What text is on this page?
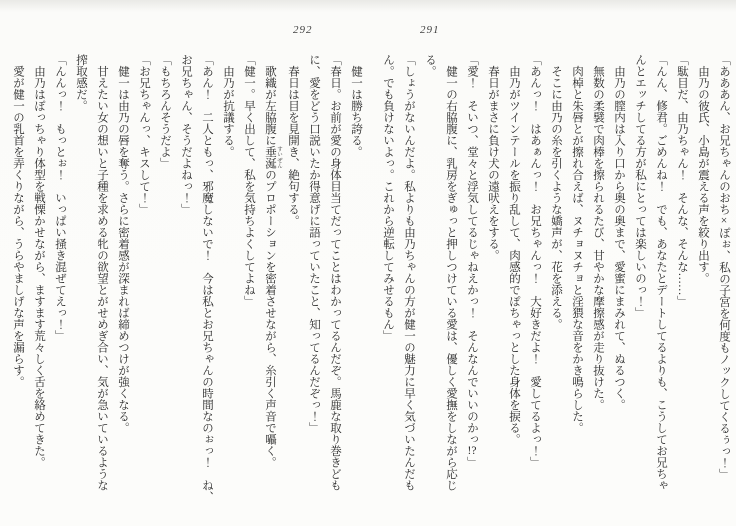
292	291

「あああん、お兄ちゃんのおち×ぽぉ、私の子宮を何度もノックしてくるぅっ！」

　由乃の彼氏、小島が震える声を絞り出す。

「駄目だ、由乃ちゃん！　そんな、そんな……」

「んん、修君。ごめんね！　でも、あなたとデートしてるよりも、こうしてお兄ちゃ

んとエッチしてる方が私にとっては楽しいのっ！」

　由乃の膣内は入り口から奥の奥まで、愛蜜にまみれて、ぬるつく。

　無数の柔襞で肉棒を擦られるたび、甘やかな摩擦感が走り抜けた。

　肉棹と朱唇とが擦れ合えば、ヌチョヌチョと淫猥な音をかき鳴らした。

　そこに由乃の糸を引くような嬌声が、花を添える。

「あんっ！　はあぁんっ！　お兄ちゃんっ！　大好きだよ！　愛してるよっ！」

　由乃がツインテールを振り乱して、肉感的でぽちゃっとした身体を捩る。

　春日がまさに負け犬の遠吠えをする。

「愛！　そいつ、堂々と浮気してるじゃねえかっ！　そんなんでいいのかっ!?」

　健一の右脇腹に、乳房をぎゅっと押しつけている愛は、優しく愛撫をしながら応じ

る。

「しょうがないんだよ。私よりも由乃ちゃんの方が健一の魅力に早く気づいたんだも

ん。でも負けないよっ。これから逆転してみせるもん」

　健一は勝ち誇る。

「春日。お前が愛の身体目当てだってことはわかってるんだぞ。馬鹿な取り巻きども

に、愛をどう口説いたか得意げに語っていたこと、知ってるんだぞっ！」

　春日は目を見開き、絶句する。

　歌織が左脇腹に垂涎 すいぜんのプロポーションを密着させながら、糸引く声音で囁く。

「健一。早く出して、私を気持ちよくしてよね」

　由乃が抗議する。

「あん！　二人ともっ、邪魔しないで！　今は私とお兄ちゃんの時間なのぉっ！　ね、

お兄ちゃん、そうだよねっ！」

「もちろんそうだよ」

「お兄ちゃんっ、キスして！」

　健一は由乃の唇を奪う。さらに密着感が深まれば締めつけが強くなる。

　甘えたい女の想いと子種を求める牝の欲望とがせめぎ合い、気が急いているような

搾取感だ。

「んんっ！　もっとぉ！　いっぱい掻き混ぜてえっ！」

　由乃はぽっちゃり体型を戦慄かせながら、ますます荒々しく舌を絡めてきた。

　愛が健一の乳首を弄くりながら、うらやましげな声を漏らす。
